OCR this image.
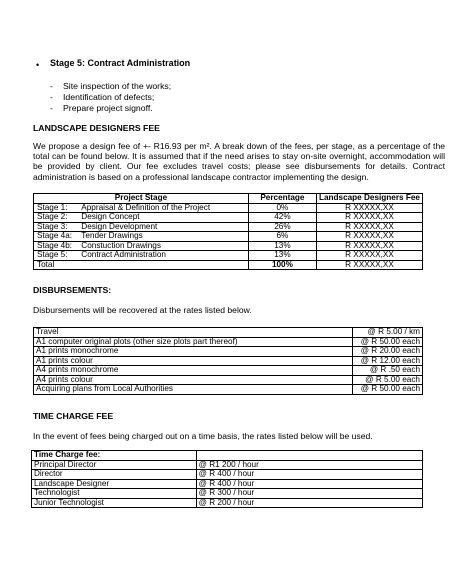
• Stage 5: Contract Administration
- Site inspection of the works;
- Identification of defects;
- Prepare project signoff.
LANDSCAPE DESIGNERS FEE
We propose a design fee of +- R16.93 per m². A break down of the fees, per stage, as a percentage of the total can be found below. It is assumed that if the need arises to stay on-site overnight, accommodation will be provided by client. Our fee excludes travel costs; please see disbursements for details. Contract administration is based on a professional landscape contractor implementing the design.
Project Stage		Percentage	Landscape Designers Fee
Stage 1:	Appraisal & Definition of the Project	0%	R XXXXX,XX
Stage 2:	Design Concept	42%	R XXXXX,XX
Stage 3:	Design Development	26%	R XXXXX,XX
Stage 4a:	Tender Drawings	6%	R XXXXX,XX
Stage 4b:	Constuction Drawings	13%	R XXXXX,XX
Stage 5:	Contract Administration	13%	R XXXXX,XX
Total		100%	R XXXXX,XX
DISBURSEMENTS:
Disbursements will be recovered at the rates listed below.
Travel	@ R 5.00 / km
A1 computer original plots (other size plots part thereof)	@ R 50.00 each
A1 prints monochrome	@ R 20.00 each
A1 prints colour	@ R 12.00 each
A4 prints monochrome	@ R .50 each
A4 prints colour	@ R 5.00 each
Acquiring plans from Local Authorities	@ R 50.00 each
TIME CHARGE FEE
In the event of fees being charged out on a time basis, the rates listed below will be used.
Time Charge fee:	
Principal Director	@ R1 200 / hour
Director	@ R 400 / hour
Landscape Designer	@ R 400 / hour
Technologist	@ R 300 / hour
Junior Technologist	@ R 200 / hour
